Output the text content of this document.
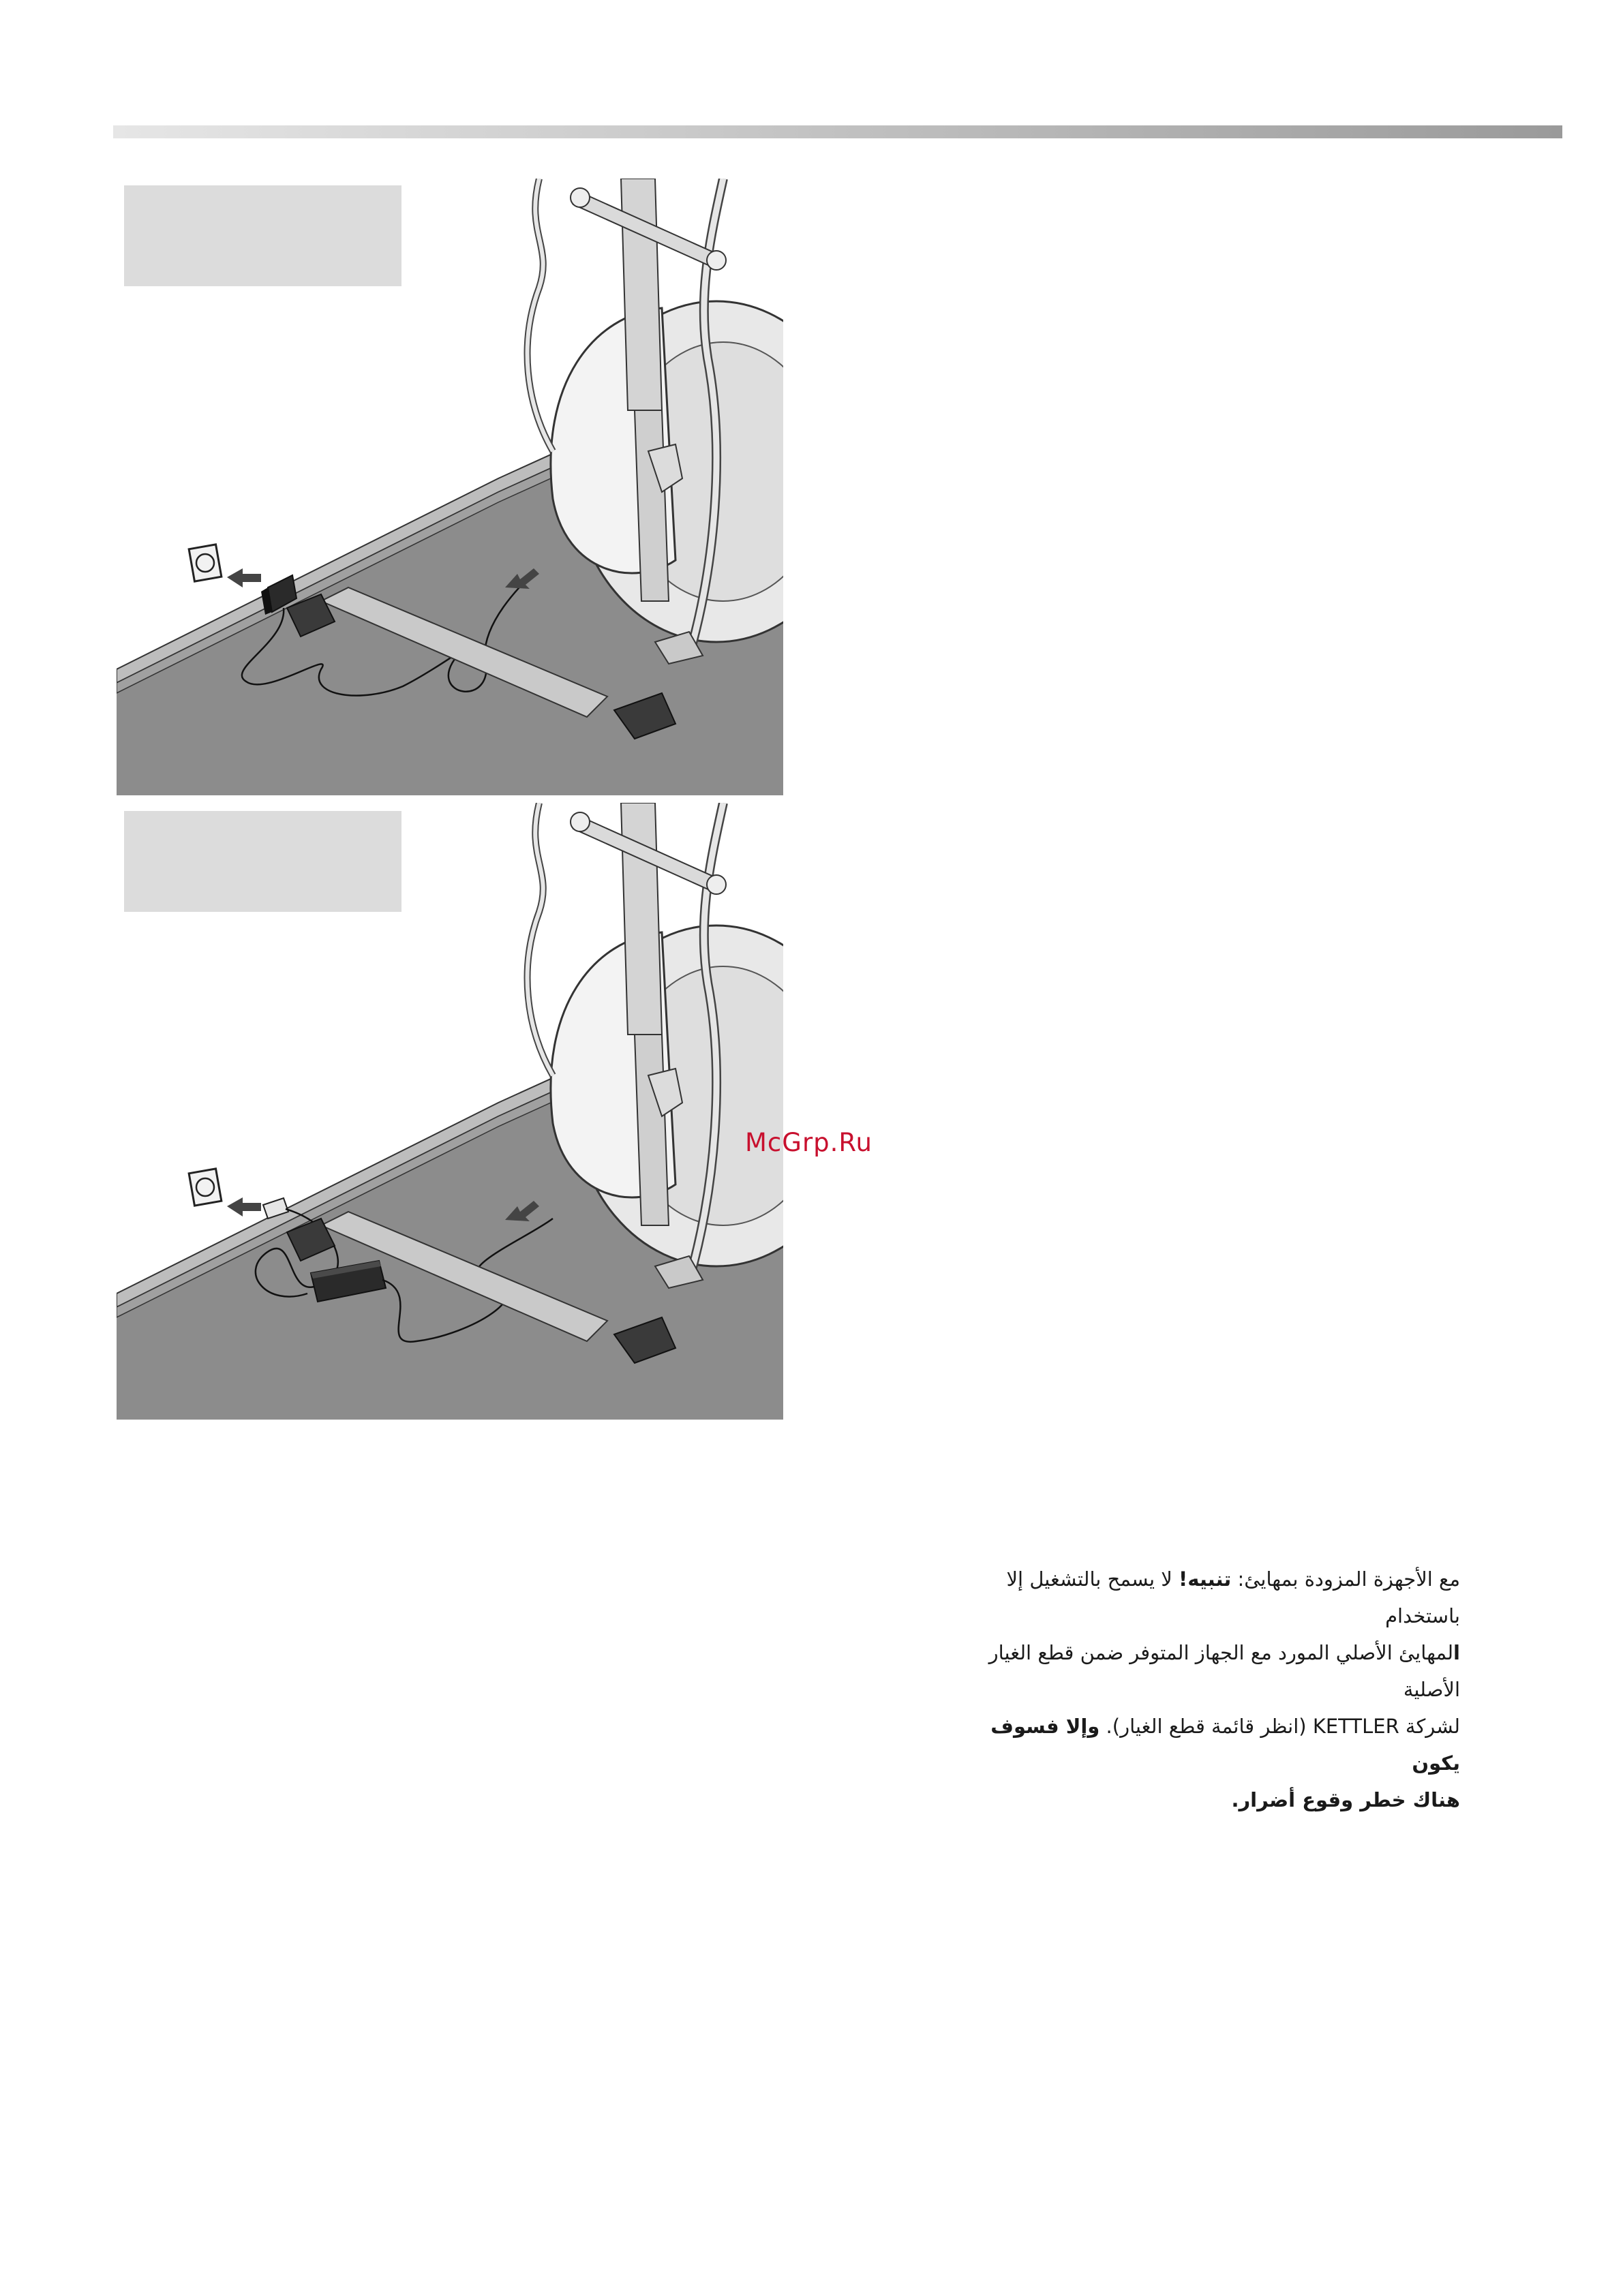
McGrp.Ru

مع الأجهزة المزودة بمهايئ: تنبيه! لا يسمح بالتشغيل إلا باستخدام

المهايئ الأصلي المورد مع الجهاز المتوفر ضمن قطع الغيار الأصلية

لشركة KETTLER (انظر قائمة قطع الغيار). وإلا فسوف يكون

هناك خطر وقوع أضرار.
